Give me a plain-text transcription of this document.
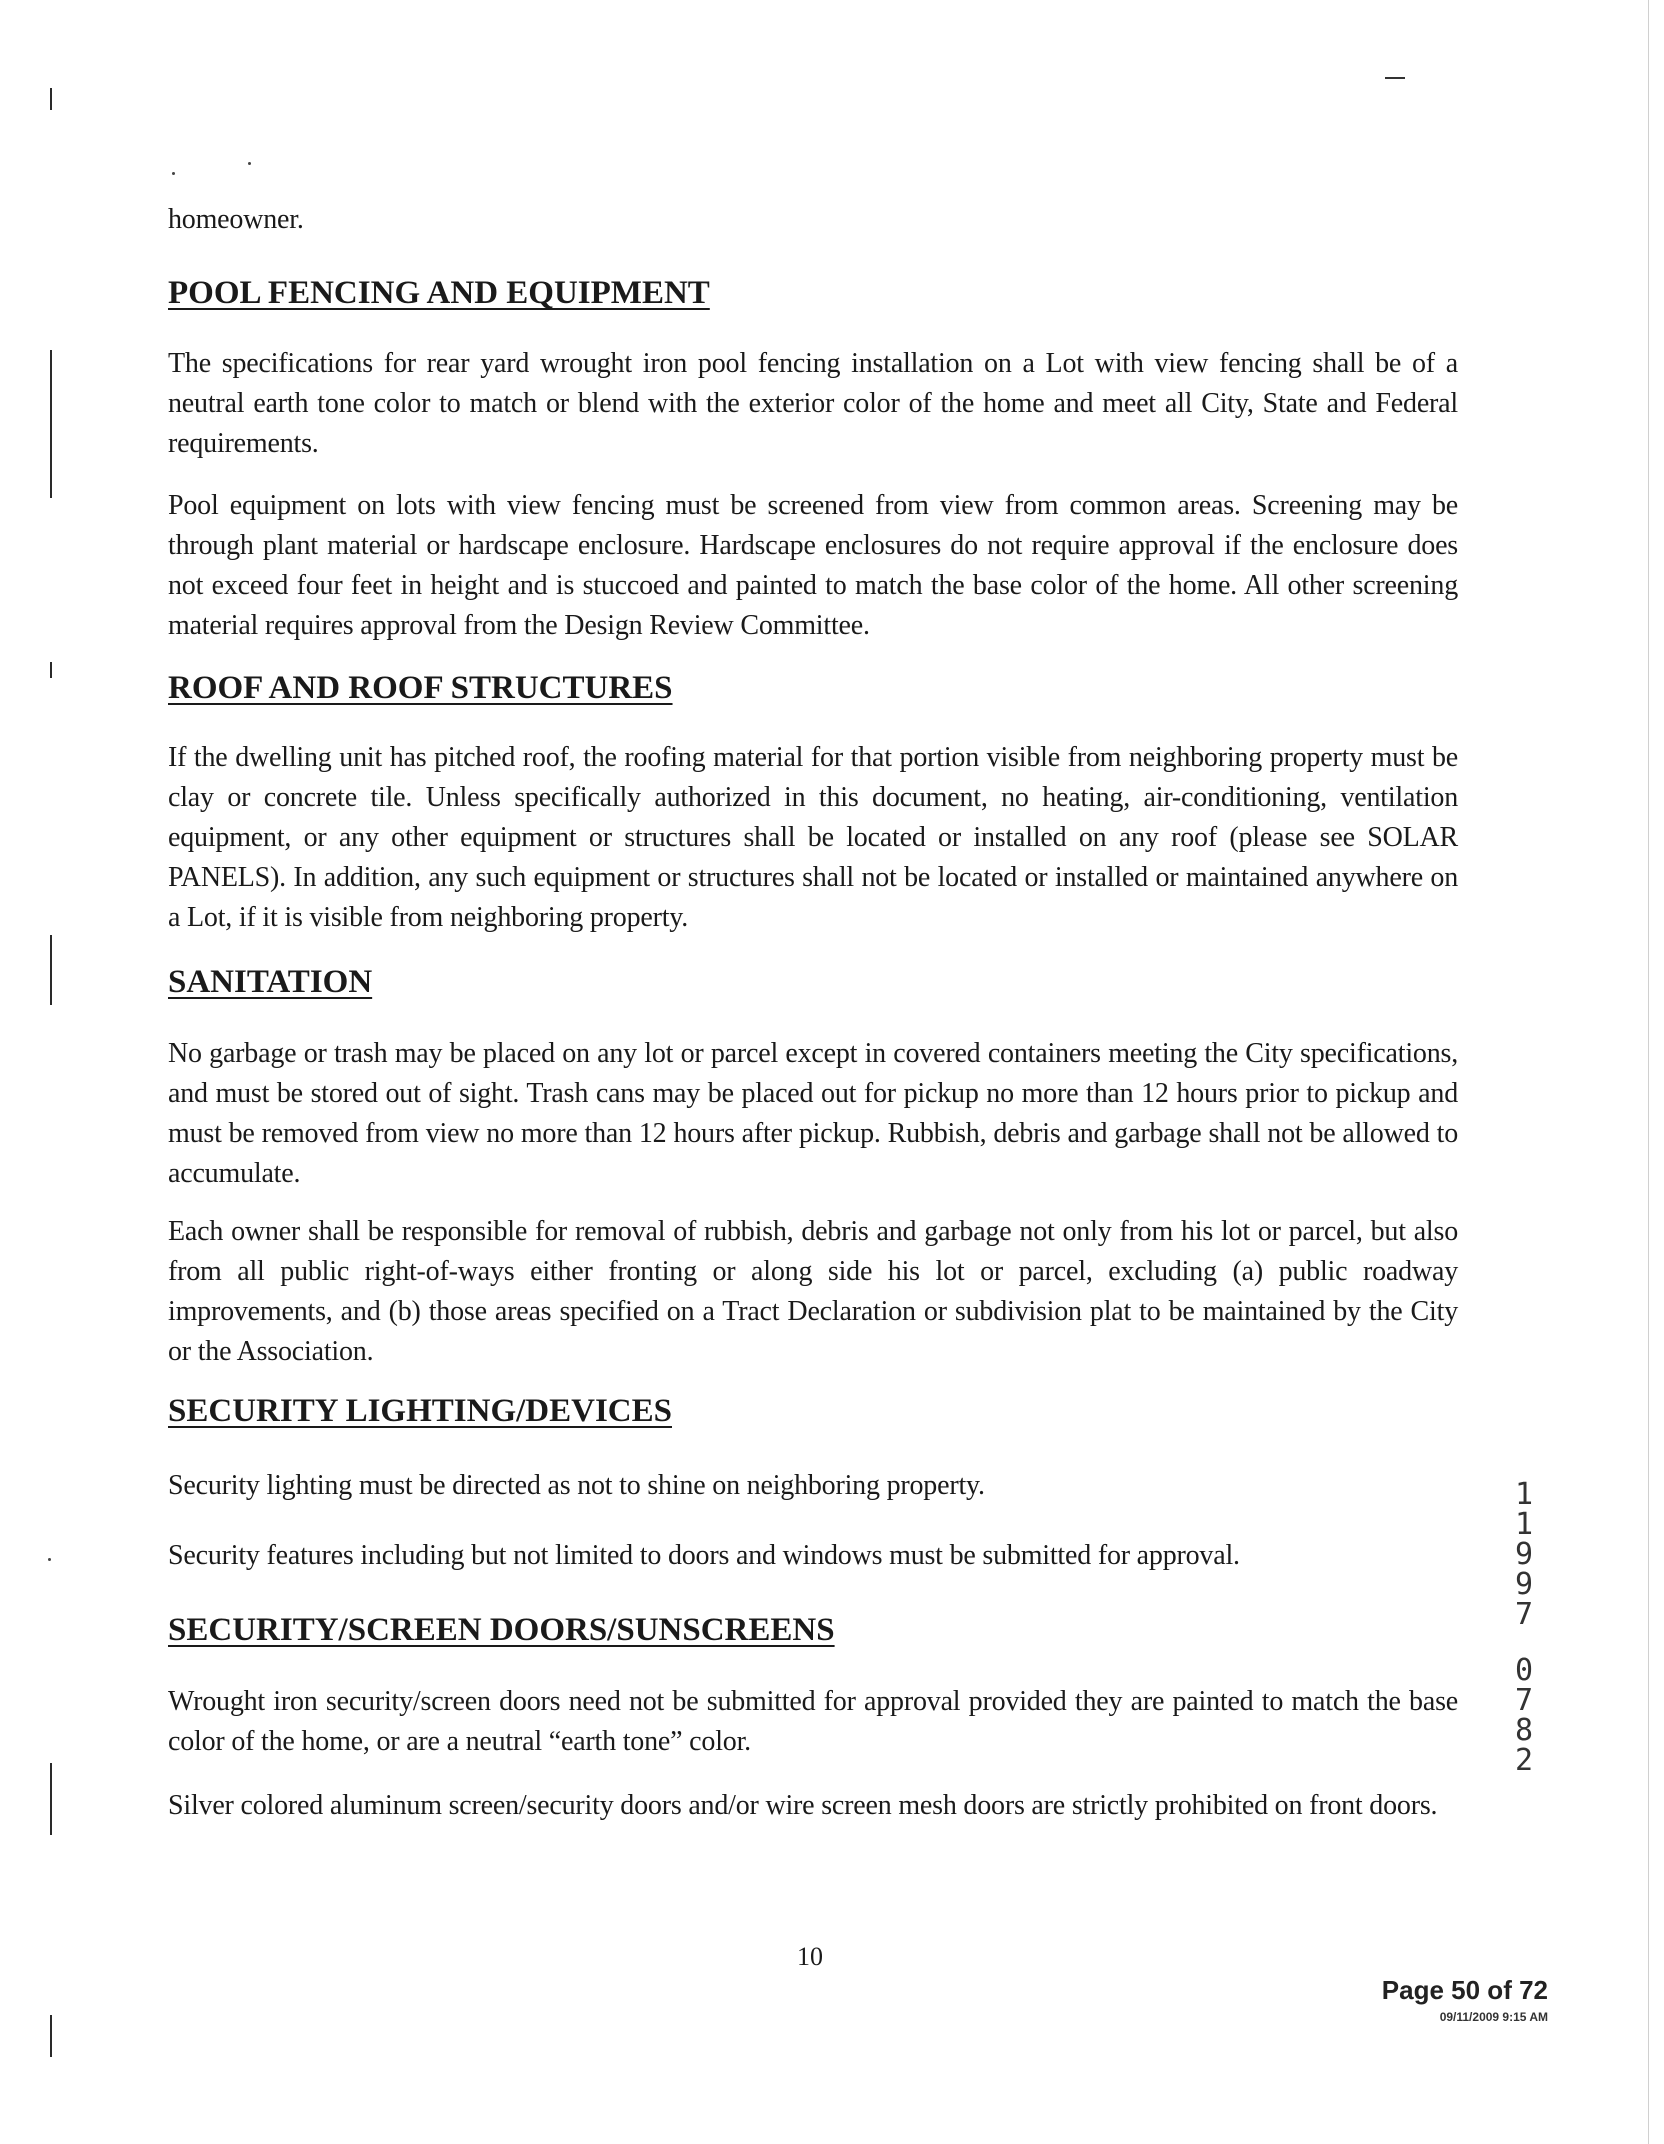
homeowner.
POOL FENCING AND EQUIPMENT
The specifications for rear yard wrought iron pool fencing installation on a Lot with view fencing shall be of a neutral earth tone color to match or blend with the exterior color of the home and meet all City, State and Federal requirements.
Pool equipment on lots with view fencing must be screened from view from common areas. Screening may be through plant material or hardscape enclosure. Hardscape enclosures do not require approval if the enclosure does not exceed four feet in height and is stuccoed and painted to match the base color of the home. All other screening material requires approval from the Design Review Committee.
ROOF AND ROOF STRUCTURES
If the dwelling unit has pitched roof, the roofing material for that portion visible from neighboring property must be clay or concrete tile. Unless specifically authorized in this document, no heating, air-conditioning, ventilation equipment, or any other equipment or structures shall be located or installed on any roof (please see SOLAR PANELS). In addition, any such equipment or structures shall not be located or installed or maintained anywhere on a Lot, if it is visible from neighboring property.
SANITATION
No garbage or trash may be placed on any lot or parcel except in covered containers meeting the City specifications, and must be stored out of sight. Trash cans may be placed out for pickup no more than 12 hours prior to pickup and must be removed from view no more than 12 hours after pickup. Rubbish, debris and garbage shall not be allowed to accumulate.
Each owner shall be responsible for removal of rubbish, debris and garbage not only from his lot or parcel, but also from all public right-of-ways either fronting or along side his lot or parcel, excluding (a) public roadway improvements, and (b) those areas specified on a Tract Declaration or subdivision plat to be maintained by the City or the Association.
SECURITY LIGHTING/DEVICES
Security lighting must be directed as not to shine on neighboring property.
Security features including but not limited to doors and windows must be submitted for approval.
SECURITY/SCREEN DOORS/SUNSCREENS
Wrought iron security/screen doors need not be submitted for approval provided they are painted to match the base color of the home, or are a neutral “earth tone” color.
Silver colored aluminum screen/security doors and/or wire screen mesh doors are strictly prohibited on front doors.
1
1
9
9
7
0
7
8
2
10
Page 50 of 72
09/11/2009 9:15 AM
